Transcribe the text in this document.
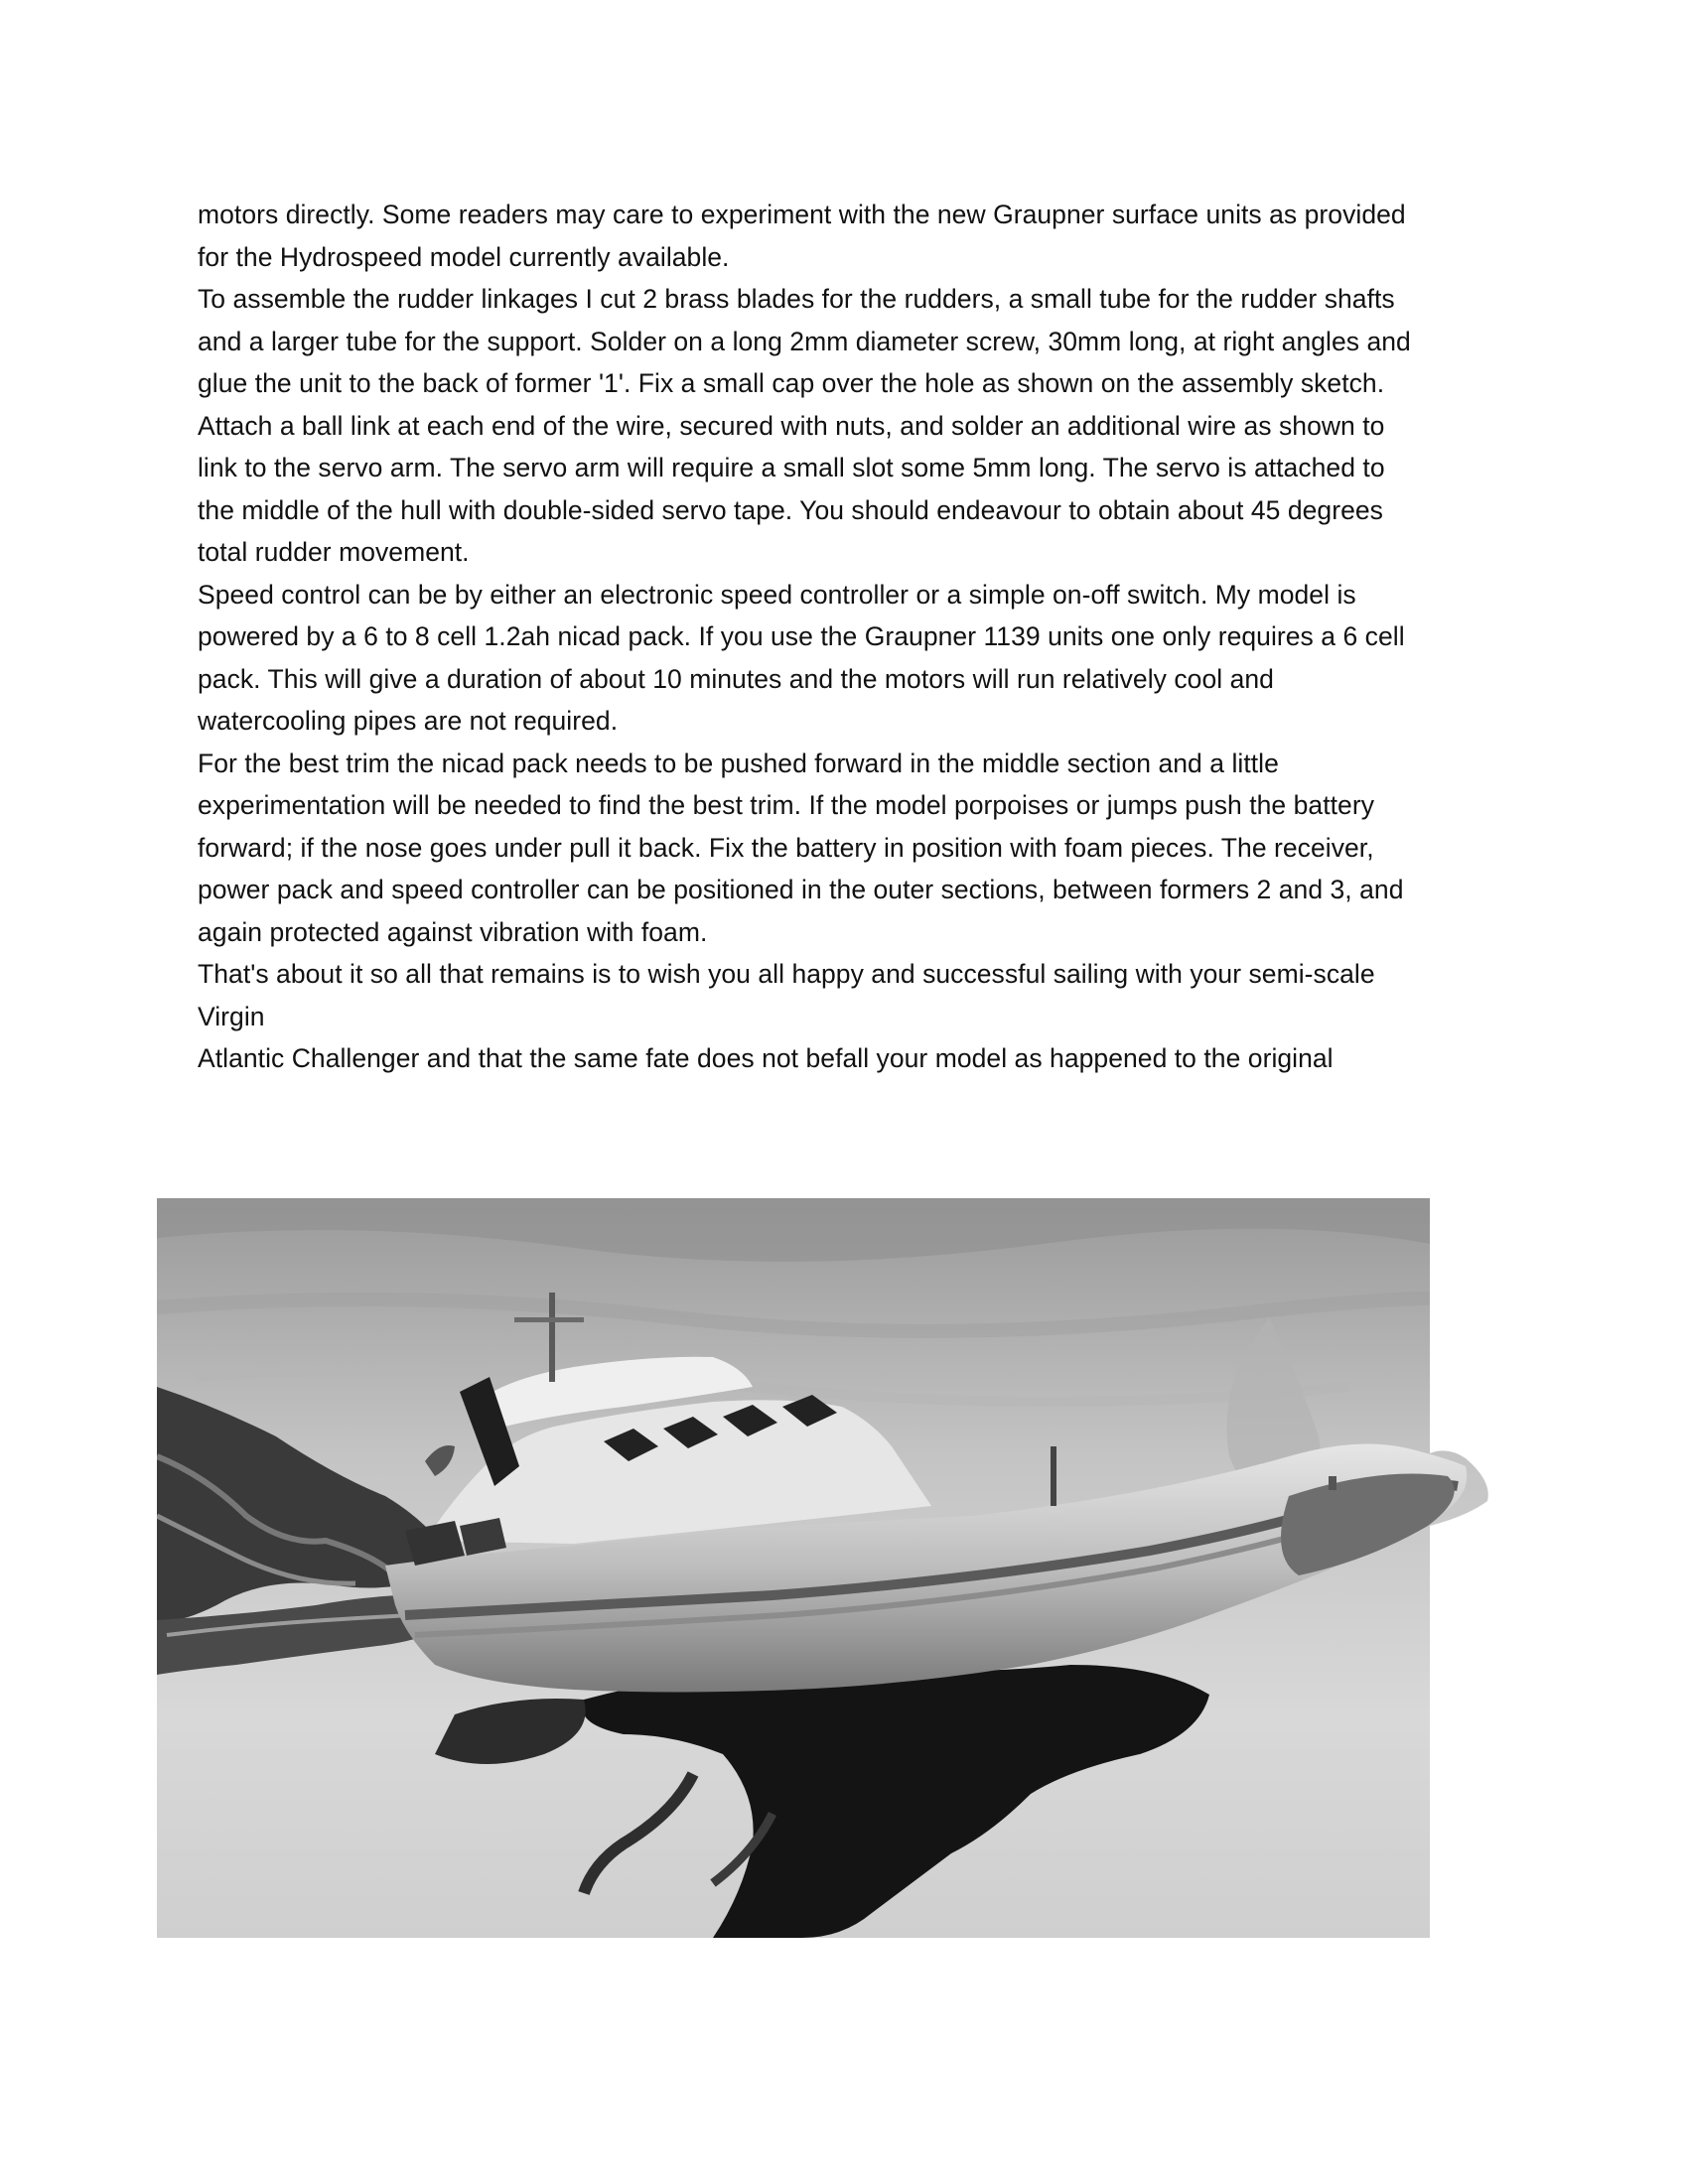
motors directly. Some readers may care to experiment with the new Graupner surface units as provided

for the Hydrospeed model currently available.

To assemble the rudder linkages I cut 2 brass blades for the rudders, a small tube for the rudder shafts

and a larger tube for the support. Solder on a long 2mm diameter screw, 30mm long, at right angles and

glue the unit to the back of former '1'. Fix a small cap over the hole as shown on the assembly sketch.

Attach a ball link at each end of the wire, secured with nuts, and solder an additional wire as shown to

link to the servo arm. The servo arm will require a small slot some 5mm long. The servo is attached to

the middle of the hull with double-sided servo tape. You should endeavour to obtain about 45 degrees

total rudder movement.

Speed control can be by either an electronic speed controller or a simple on-off switch. My model is

powered by a 6 to 8 cell 1.2ah nicad pack. If you use the Graupner 1139 units one only requires a 6 cell

pack. This will give a duration of about 10 minutes and the motors will run relatively cool and

watercooling pipes are not required.

For the best trim the nicad pack needs to be pushed forward in the middle section and a little

experimentation will be needed to find the best trim. If the model porpoises or jumps push the battery

forward; if the nose goes under pull it back. Fix the battery in position with foam pieces. The receiver,

power pack and speed controller can be positioned in the outer sections, between formers 2 and 3, and

again protected against vibration with foam.

That's about it so all that remains is to wish you all happy and successful sailing with your semi-scale

Virgin

Atlantic Challenger and that the same fate does not befall your model as happened to the original
